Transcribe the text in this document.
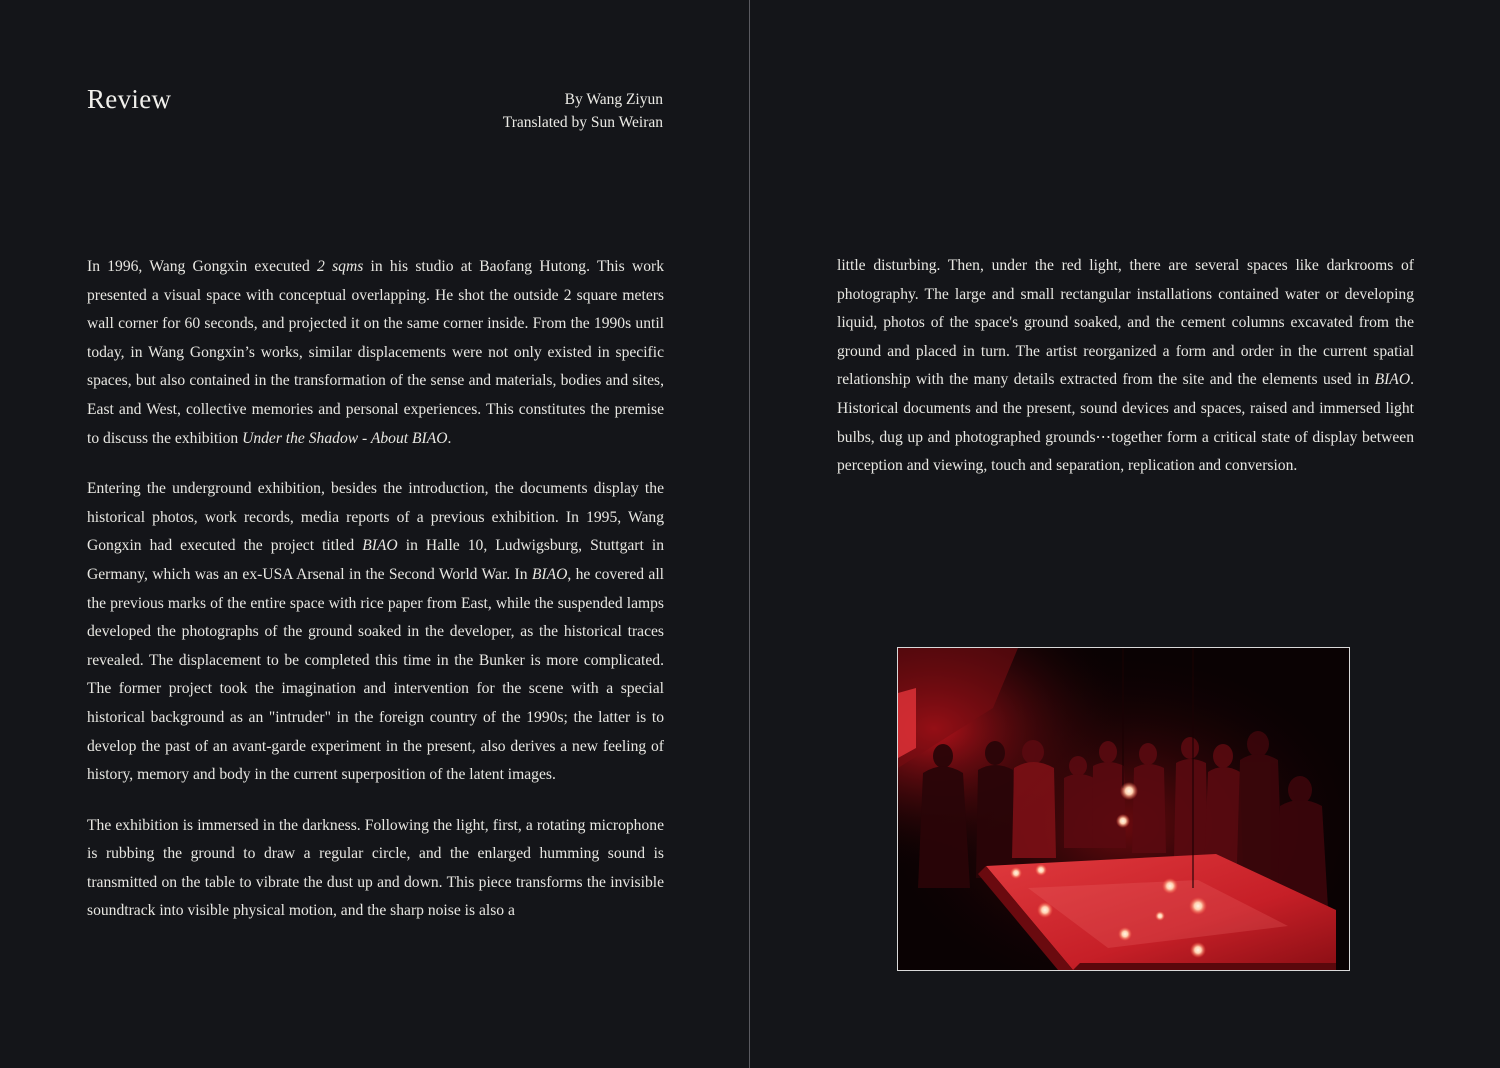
Review	By Wang Ziyun
Translated by Sun Weiran

In 1996, Wang Gongxin executed 2 sqms in his studio at Baofang Hutong. This work presented a visual space with conceptual overlapping. He shot the outside 2 square meters wall corner for 60 seconds, and projected it on the same corner inside. From the 1990s until today, in Wang Gongxin’s works, similar displacements were not only existed in specific spaces, but also contained in the transformation of the sense and materials, bodies and sites, East and West, collective memories and personal experiences. This constitutes the premise to discuss the exhibition Under the Shadow - About BIAO.

Entering the underground exhibition, besides the introduction, the documents display the historical photos, work records, media reports of a previous exhibition. In 1995, Wang Gongxin had executed the project titled BIAO in Halle 10, Ludwigsburg, Stuttgart in Germany, which was an ex-USA Arsenal in the Second World War. In BIAO, he covered all the previous marks of the entire space with rice paper from East, while the suspended lamps developed the photographs of the ground soaked in the developer, as the historical traces revealed. The displacement to be completed this time in the Bunker is more complicated. The former project took the imagination and intervention for the scene with a special historical background as an "intruder" in the foreign country of the 1990s; the latter is to develop the past of an avant-garde experiment in the present, also derives a new feeling of history, memory and body in the current superposition of the latent images.

The exhibition is immersed in the darkness. Following the light, first, a rotating microphone is rubbing the ground to draw a regular circle, and the enlarged humming sound is transmitted on the table to vibrate the dust up and down. This piece transforms the invisible soundtrack into visible physical motion, and the sharp noise is also a

little disturbing. Then, under the red light, there are several spaces like darkrooms of photography. The large and small rectangular installations contained water or developing liquid, photos of the space's ground soaked, and the cement columns excavated from the ground and placed in turn. The artist reorganized a form and order in the current spatial relationship with the many details extracted from the site and the elements used in BIAO. Historical documents and the present, sound devices and spaces, raised and immersed light bulbs, dug up and photographed grounds⋯together form a critical state of display between perception and viewing, touch and separation, replication and conversion.
